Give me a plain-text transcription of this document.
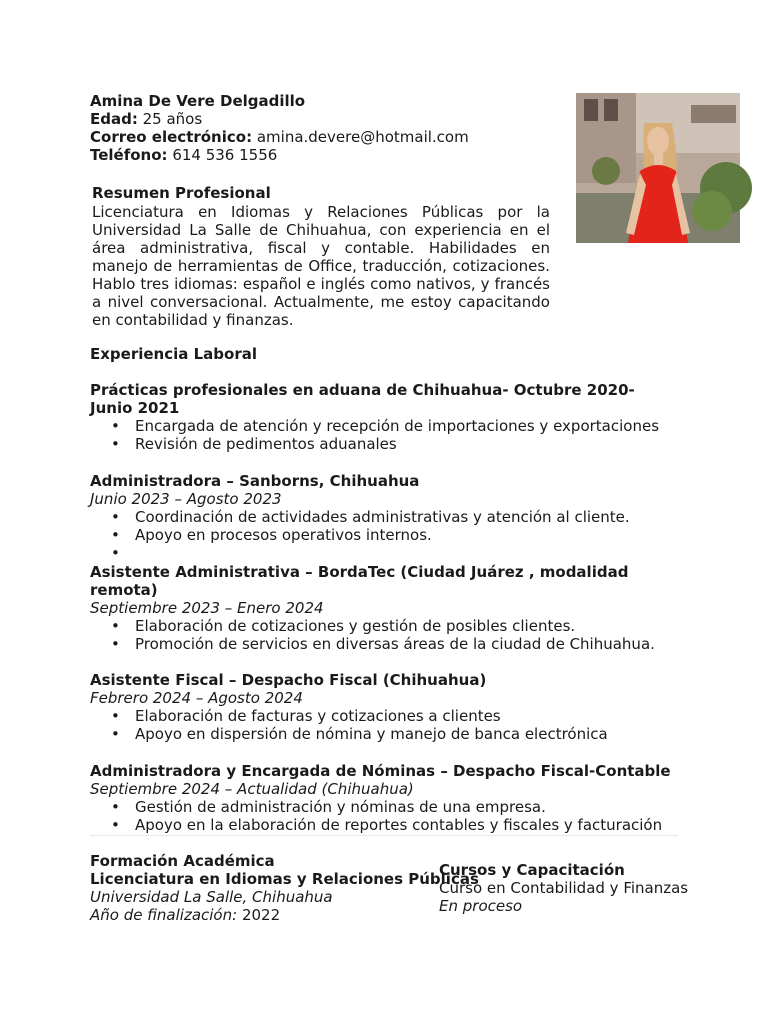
Amina De Vere Delgadillo
Edad: 25 años
Correo electrónico: amina.devere@hotmail.com
Teléfono: 614 536 1556
Resumen Profesional
Licenciatura en Idiomas y Relaciones Públicas por la Universidad La Salle de Chihuahua, con experiencia en el área administrativa, fiscal y contable. Habilidades en manejo de herramientas de Office, traducción, cotizaciones. Hablo tres idiomas: español e inglés como nativos, y francés a nivel conversacional. Actualmente, me estoy capacitando en contabilidad y finanzas.
Experiencia Laboral
Prácticas profesionales en aduana de Chihuahua- Octubre 2020- Junio 2021
• Encargada de atención y recepción de importaciones y exportaciones
• Revisión de pedimentos aduanales
Administradora – Sanborns, Chihuahua
Junio 2023 – Agosto 2023
• Coordinación de actividades administrativas y atención al cliente.
• Apoyo en procesos operativos internos.
•
Asistente Administrativa – BordaTec (Ciudad Juárez , modalidad remota)
Septiembre 2023 – Enero 2024
• Elaboración de cotizaciones y gestión de posibles clientes.
• Promoción de servicios en diversas áreas de la ciudad de Chihuahua.
Asistente Fiscal – Despacho Fiscal (Chihuahua)
Febrero 2024 – Agosto 2024
• Elaboración de facturas y cotizaciones a clientes
• Apoyo en dispersión de nómina y manejo de banca electrónica
Administradora y Encargada de Nóminas – Despacho Fiscal-Contable
Septiembre 2024 – Actualidad (Chihuahua)
• Gestión de administración y nóminas de una empresa.
• Apoyo en la elaboración de reportes contables y fiscales y facturación
Formación Académica
Licenciatura en Idiomas y Relaciones Públicas
Universidad La Salle, Chihuahua
Año de finalización: 2022
Cursos y Capacitación
Curso en Contabilidad y Finanzas
En proceso
